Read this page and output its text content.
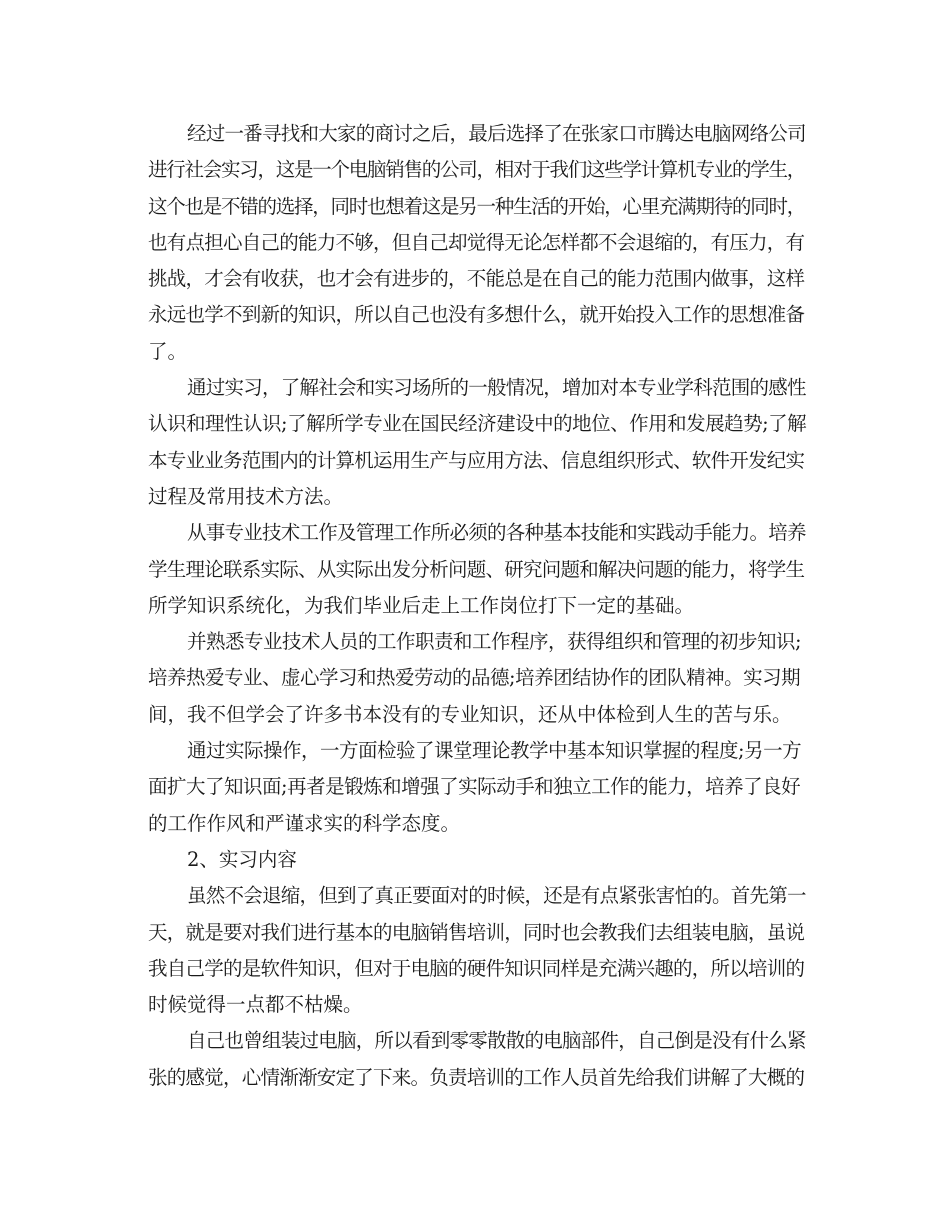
经过一番寻找和大家的商讨之后，最后选择了在张家口市腾达电脑网络公司
进行社会实习，这是一个电脑销售的公司，相对于我们这些学计算机专业的学生，
这个也是不错的选择，同时也想着这是另一种生活的开始，心里充满期待的同时，
也有点担心自己的能力不够，但自己却觉得无论怎样都不会退缩的，有压力，有
挑战，才会有收获，也才会有进步的，不能总是在自己的能力范围内做事，这样
永远也学不到新的知识，所以自己也没有多想什么，就开始投入工作的思想准备
了。
通过实习，了解社会和实习场所的一般情况，增加对本专业学科范围的感性
认识和理性认识;了解所学专业在国民经济建设中的地位、作用和发展趋势;了解
本专业业务范围内的计算机运用生产与应用方法、信息组织形式、软件开发纪实
过程及常用技术方法。
从事专业技术工作及管理工作所必须的各种基本技能和实践动手能力。培养
学生理论联系实际、从实际出发分析问题、研究问题和解决问题的能力，将学生
所学知识系统化，为我们毕业后走上工作岗位打下一定的基础。
并熟悉专业技术人员的工作职责和工作程序，获得组织和管理的初步知识;
培养热爱专业、虚心学习和热爱劳动的品德;培养团结协作的团队精神。实习期
间，我不但学会了许多书本没有的专业知识，还从中体检到人生的苦与乐。
通过实际操作，一方面检验了课堂理论教学中基本知识掌握的程度;另一方
面扩大了知识面;再者是锻炼和增强了实际动手和独立工作的能力，培养了良好
的工作作风和严谨求实的科学态度。
2、实习内容
虽然不会退缩，但到了真正要面对的时候，还是有点紧张害怕的。首先第一
天，就是要对我们进行基本的电脑销售培训，同时也会教我们去组装电脑，虽说
我自己学的是软件知识，但对于电脑的硬件知识同样是充满兴趣的，所以培训的
时候觉得一点都不枯燥。
自己也曾组装过电脑，所以看到零零散散的电脑部件，自己倒是没有什么紧
张的感觉，心情渐渐安定了下来。负责培训的工作人员首先给我们讲解了大概的
